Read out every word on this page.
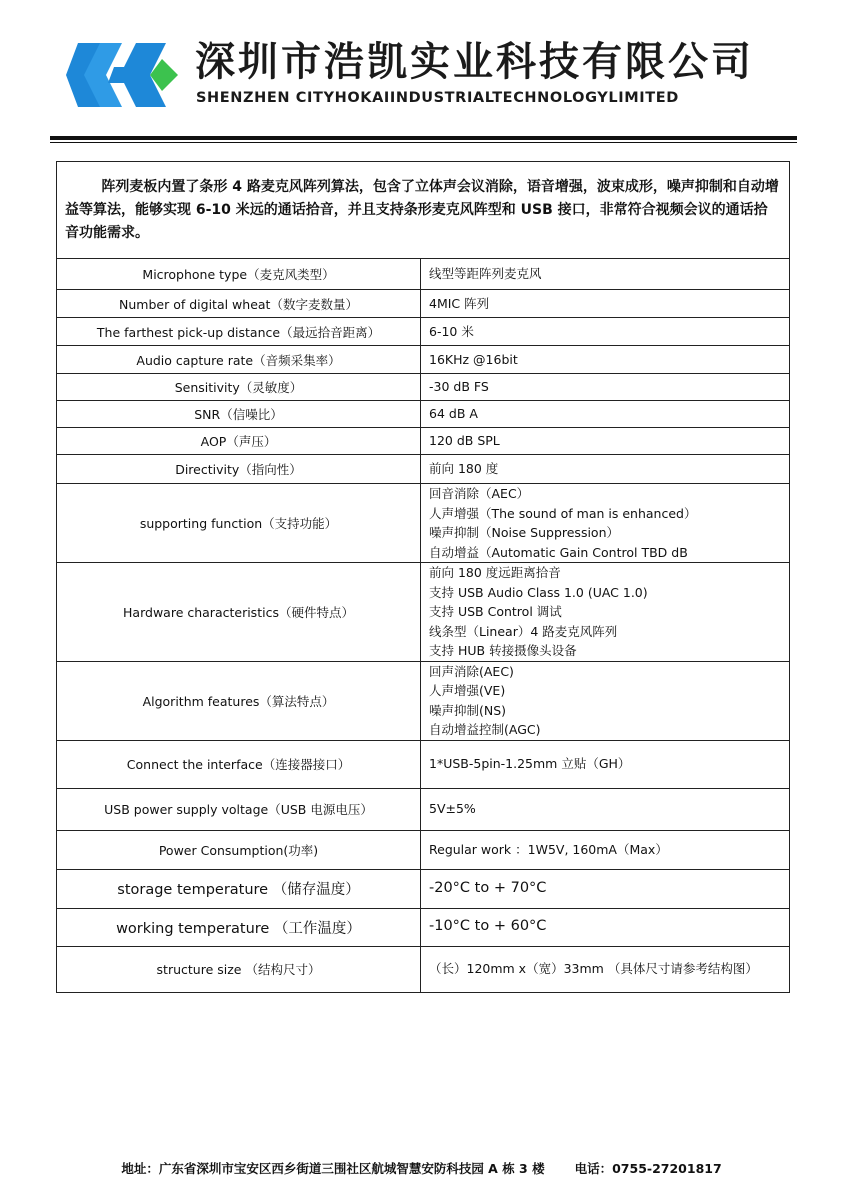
深圳市浩凯实业科技有限公司
SHENZHEN CITYHOKAIINDUSTRIALTECHNOLOGYLIMITED
阵列麦板内置了条形 4 路麦克风阵列算法，包含了立体声会议消除，语音增强，波束成形，噪声抑制和自动增益等算法，能够实现 6-10 米远的通话拾音，并且支持条形麦克风阵型和 USB 接口，非常符合视频会议的通话拾音功能需求。	
Microphone type（麦克风类型）	线型等距阵列麦克风

Number of digital wheat（数字麦数量）	4MIC 阵列

The farthest pick-up distance（最远拾音距离）	6-10 米

Audio capture rate（音频采集率）	16KHz @16bit

Sensitivity（灵敏度）	-30 dB FS

SNR（信噪比）	64 dB A

AOP（声压）	120 dB SPL

Directivity（指向性）	前向 180 度

supporting function（支持功能）	回音消除（AEC）
人声增强（The sound of man is enhanced）
噪声抑制（Noise Suppression）
自动增益（Automatic Gain Control TBD dB

Hardware characteristics（硬件特点）	前向 180 度远距离拾音
支持 USB Audio Class 1.0 (UAC 1.0)
支持 USB Control 调试
线条型（Linear）4 路麦克风阵列
支持 HUB 转接摄像头设备

Algorithm features（算法特点）	回声消除(AEC)
人声增强(VE)
噪声抑制(NS)
自动增益控制(AGC)

Connect the interface（连接器接口）	1*USB-5pin-1.25mm 立贴（GH）

USB power supply voltage（USB 电源电压）	5V±5%

Power Consumption(功率)	Regular work ：1W5V, 160mA（Max）

storage temperature （储存温度）	-20°C to + 70°C

working temperature （工作温度）	-10°C to + 60°C

structure size （结构尺寸）	（长）120mm x（宽）33mm （具体尺寸请参考结构图）
地址：广东省深圳市宝安区西乡街道三围社区航城智慧安防科技园 A 栋 3 楼 电话：0755-27201817
